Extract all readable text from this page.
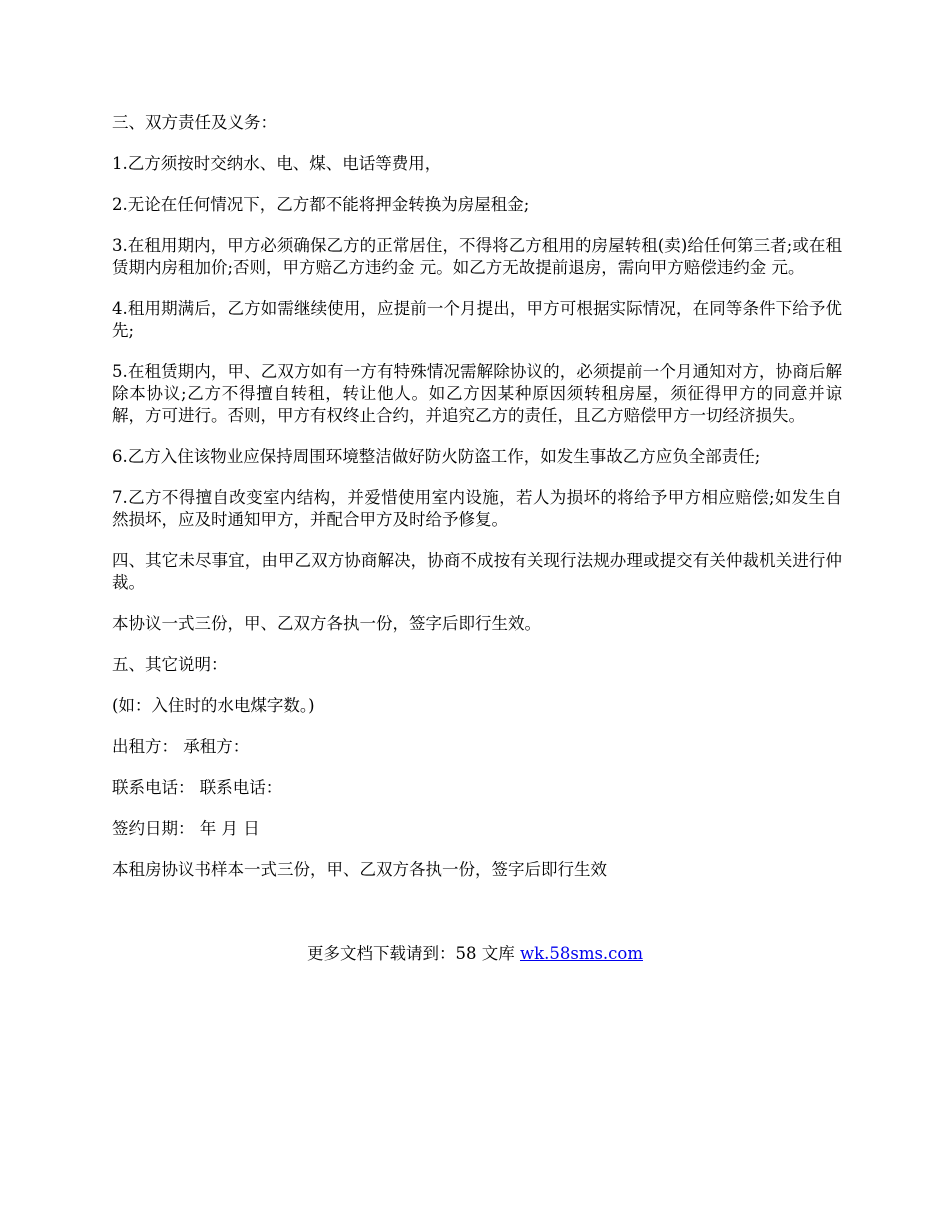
三、双方责任及义务：

1.乙方须按时交纳水、电、煤、电话等费用，

2.无论在任何情况下，乙方都不能将押金转换为房屋租金;

3.在租用期内，甲方必须确保乙方的正常居住，不得将乙方租用的房屋转租(卖)给任何第三者;或在租赁期内房租加价;否则，甲方赔乙方违约金 元。如乙方无故提前退房，需向甲方赔偿违约金 元。

4.租用期满后，乙方如需继续使用，应提前一个月提出，甲方可根据实际情况，在同等条件下给予优先;

5.在租赁期内，甲、乙双方如有一方有特殊情况需解除协议的，必须提前一个月通知对方，协商后解除本协议;乙方不得擅自转租，转让他人。如乙方因某种原因须转租房屋，须征得甲方的同意并谅解，方可进行。否则，甲方有权终止合约，并追究乙方的责任，且乙方赔偿甲方一切经济损失。

6.乙方入住该物业应保持周围环境整洁做好防火防盗工作，如发生事故乙方应负全部责任;

7.乙方不得擅自改变室内结构，并爱惜使用室内设施，若人为损坏的将给予甲方相应赔偿;如发生自然损坏，应及时通知甲方，并配合甲方及时给予修复。

四、其它未尽事宜，由甲乙双方协商解决，协商不成按有关现行法规办理或提交有关仲裁机关进行仲裁。

本协议一式三份，甲、乙双方各执一份，签字后即行生效。

五、其它说明：

(如：入住时的水电煤字数。)

出租方： 承租方：

联系电话： 联系电话：

签约日期： 年 月 日

本租房协议书样本一式三份，甲、乙双方各执一份，签字后即行生效

更多文档下载请到：58 文库 wk.58sms.com
